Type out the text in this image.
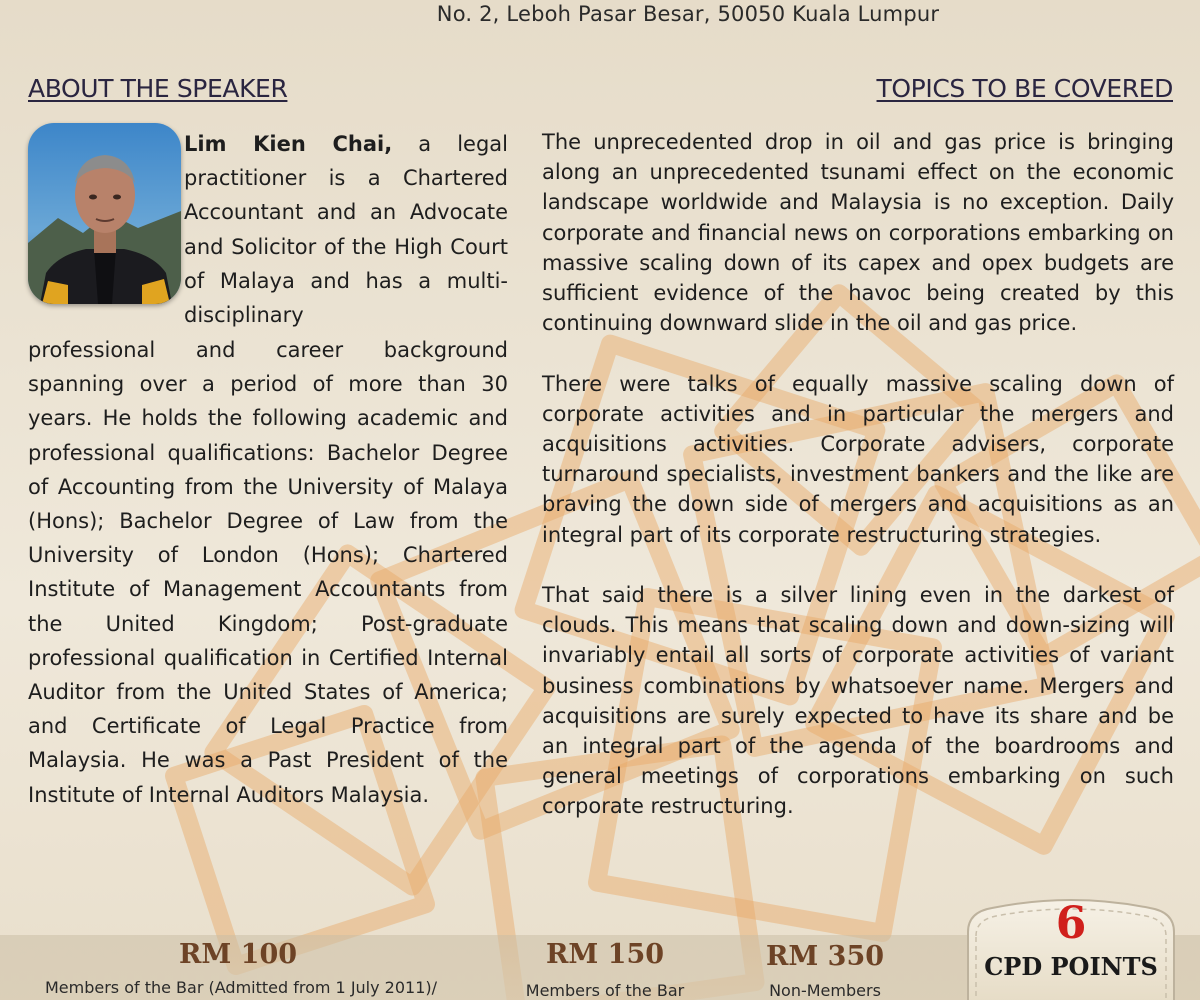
No. 2, Leboh Pasar Besar, 50050 Kuala Lumpur
ABOUT THE SPEAKER	TOPICS TO BE COVERED
Lim Kien Chai, a legal practitioner is a Chartered Accountant and an Advocate and Solicitor of the High Court of Malaya and has a multi-disciplinary
professional and career background spanning over a period of more than 30 years. He holds the following academic and professional qualifications: Bachelor Degree of Accounting from the University of Malaya (Hons); Bachelor Degree of Law from the University of London (Hons); Chartered Institute of Management Accountants from the United Kingdom; Post-graduate professional qualification in Certified Internal Auditor from the United States of America; and Certificate of Legal Practice from Malaysia. He was a Past President of the Institute of Internal Auditors Malaysia.

The unprecedented drop in oil and gas price is bringing along an unprecedented tsunami effect on the economic landscape worldwide and Malaysia is no exception. Daily corporate and financial news on corporations embarking on massive scaling down of its capex and opex budgets are sufficient evidence of the havoc being created by this continuing downward slide in the oil and gas price.

There were talks of equally massive scaling down of corporate activities and in particular the mergers and acquisitions activities. Corporate advisers, corporate turnaround specialists, investment bankers and the like are braving the down side of mergers and acquisitions as an integral part of its corporate restructuring strategies.

That said there is a silver lining even in the darkest of clouds. This means that scaling down and down-sizing will invariably entail all sorts of corporate activities of variant business combinations by whatsoever name. Mergers and acquisitions are surely expected to have its share and be an integral part of the agenda of the boardrooms and general meetings of corporations embarking on such corporate restructuring.

RM 100
Members of the Bar (Admitted from 1 July 2011)/
RM 150
Members of the Bar
RM 350
Non-Members
6
CPD POINTS
